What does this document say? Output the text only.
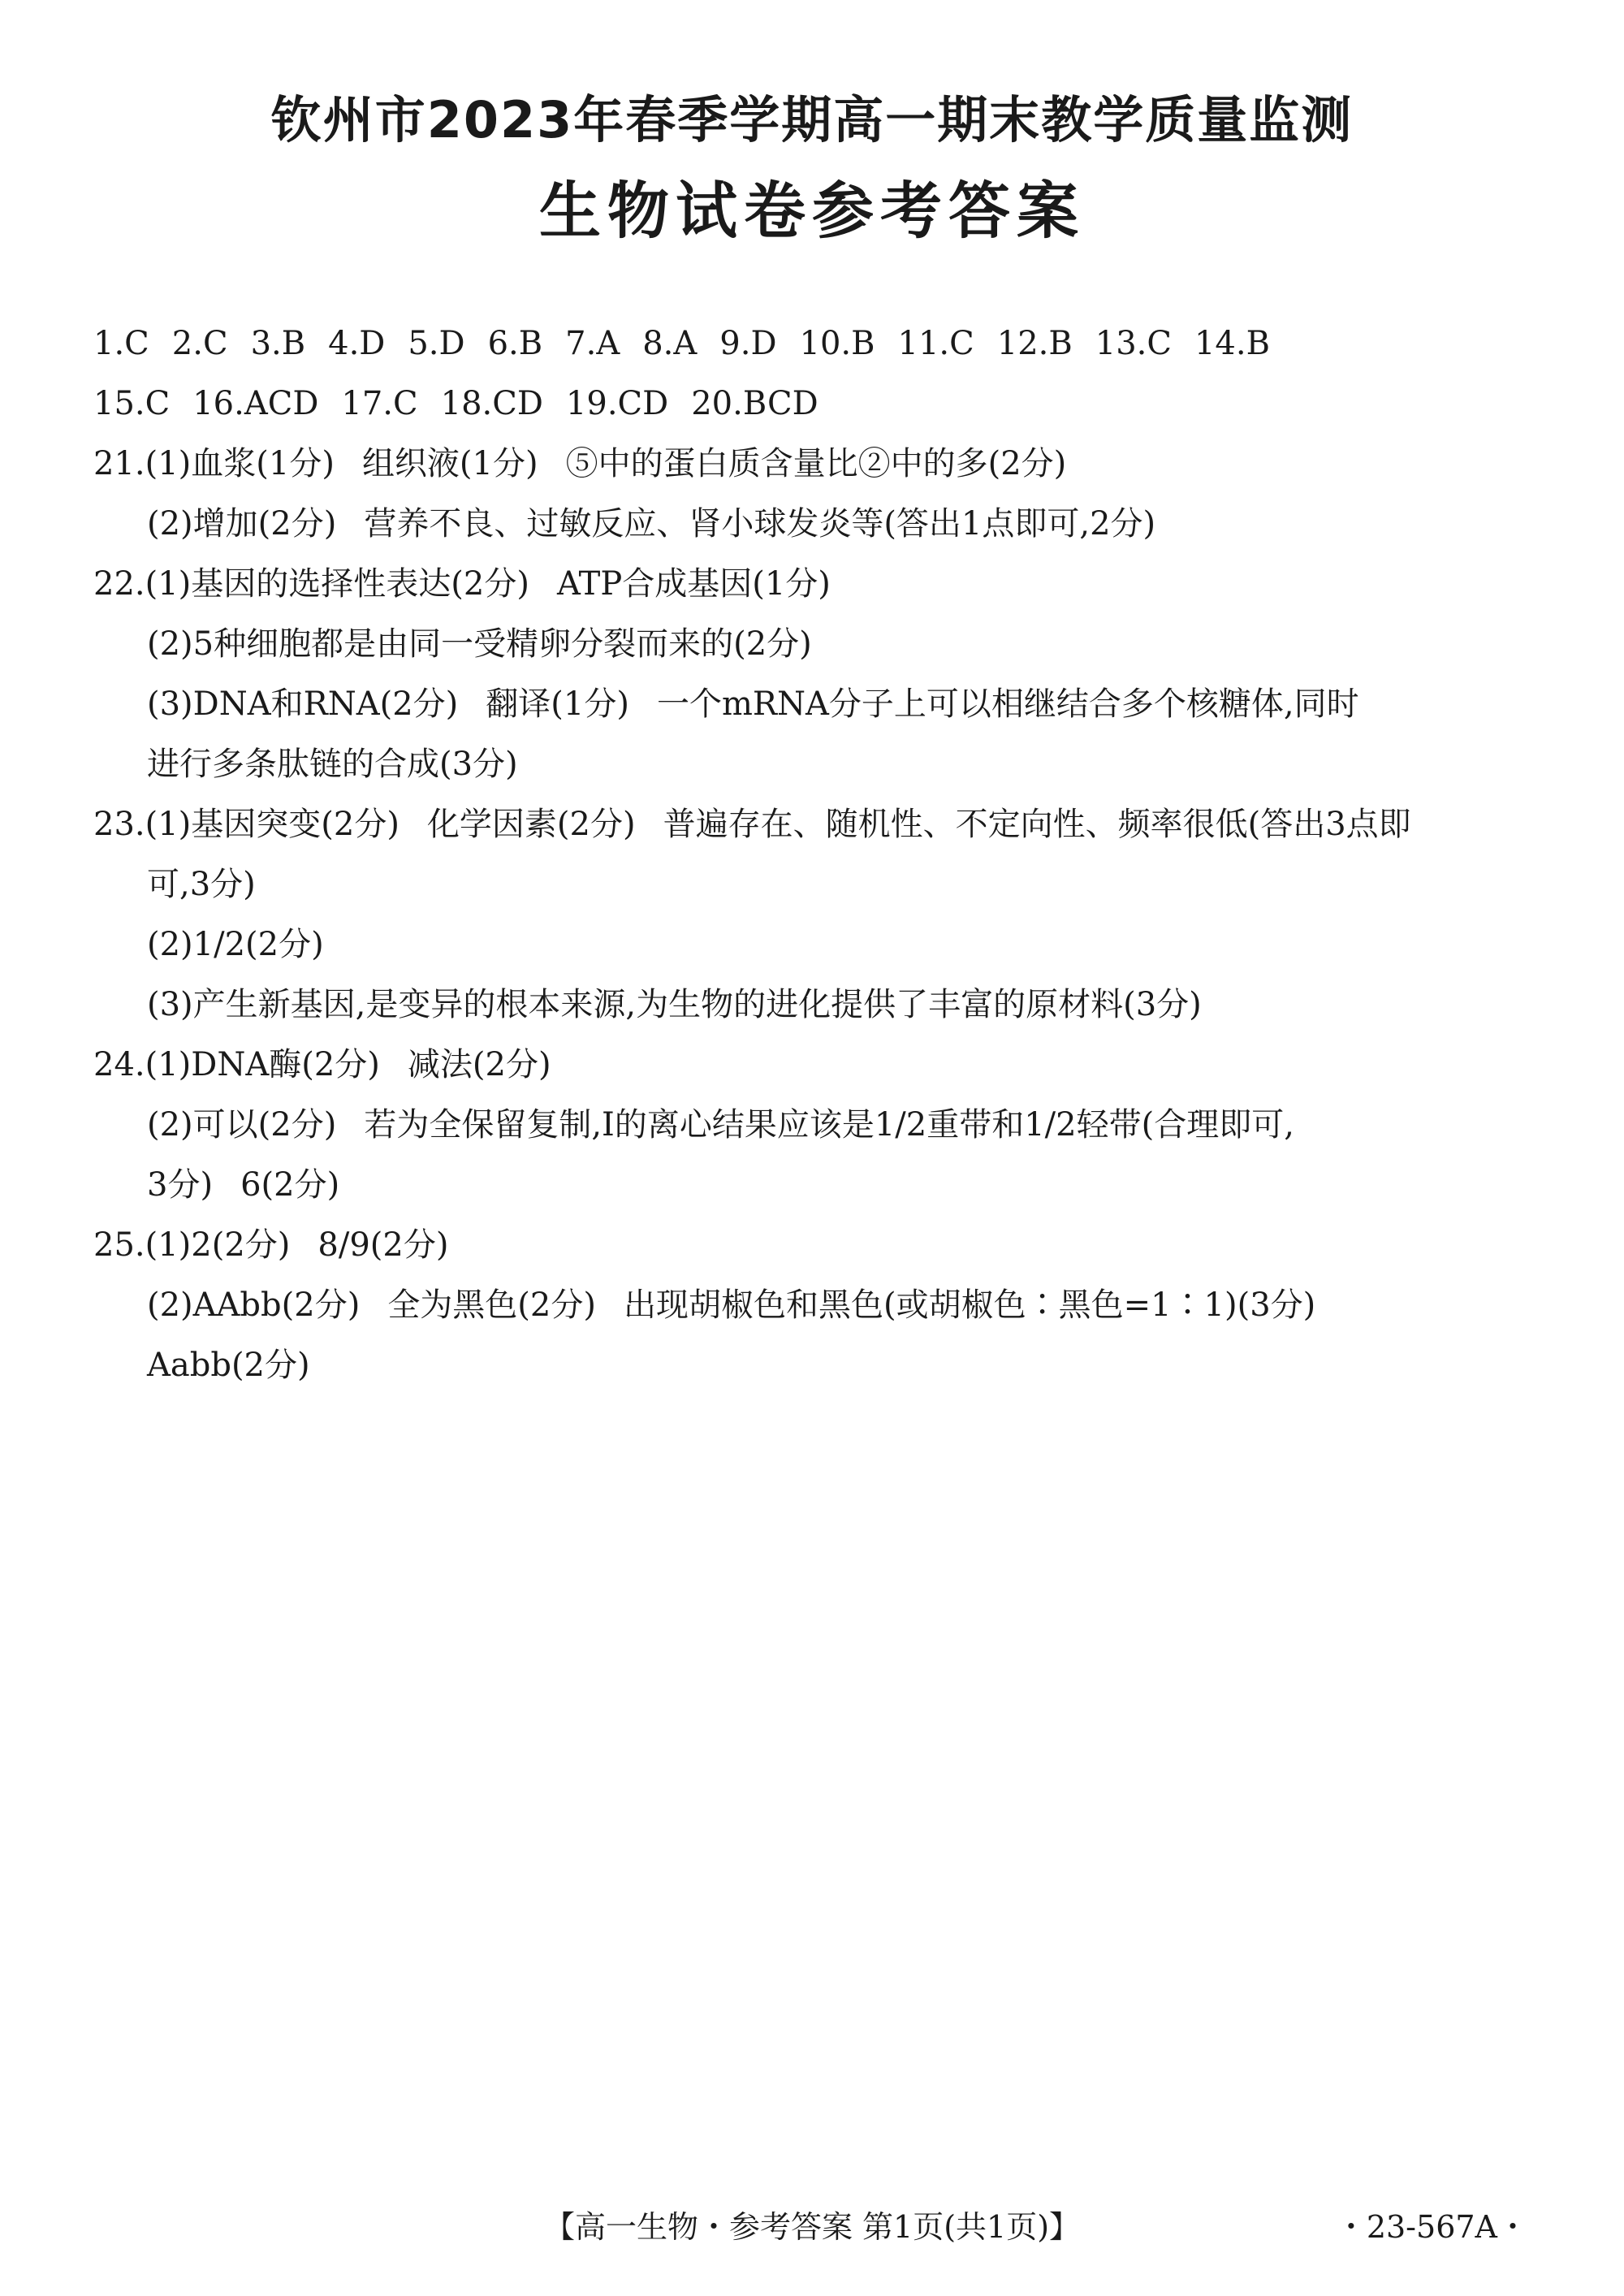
钦州市2023年春季学期高一期末教学质量监测
生物试卷参考答案
1.C 2.C 3.B 4.D 5.D 6.B 7.A 8.A 9.D 10.B 11.C 12.B 13.C 14.B
15.C 16.ACD 17.C 18.CD 19.CD 20.BCD
21.(1)血浆(1分) 组织液(1分) ⑤中的蛋白质含量比②中的多(2分)
(2)增加(2分) 营养不良、过敏反应、肾小球发炎等(答出1点即可,2分)
22.(1)基因的选择性表达(2分) ATP合成基因(1分)
(2)5种细胞都是由同一受精卵分裂而来的(2分)
(3)DNA和RNA(2分) 翻译(1分) 一个mRNA分子上可以相继结合多个核糖体,同时
进行多条肽链的合成(3分)
23.(1)基因突变(2分) 化学因素(2分) 普遍存在、随机性、不定向性、频率很低(答出3点即
可,3分)
(2)1/2(2分)
(3)产生新基因,是变异的根本来源,为生物的进化提供了丰富的原材料(3分)
24.(1)DNA酶(2分) 减法(2分)
(2)可以(2分) 若为全保留复制,Ⅰ的离心结果应该是1/2重带和1/2轻带(合理即可,
3分) 6(2分)
25.(1)2(2分) 8/9(2分)
(2)AAbb(2分) 全为黑色(2分) 出现胡椒色和黑色(或胡椒色∶黑色=1∶1)(3分)
Aabb(2分)
【高一生物・参考答案 第1页(共1页)】	・23-567A・
